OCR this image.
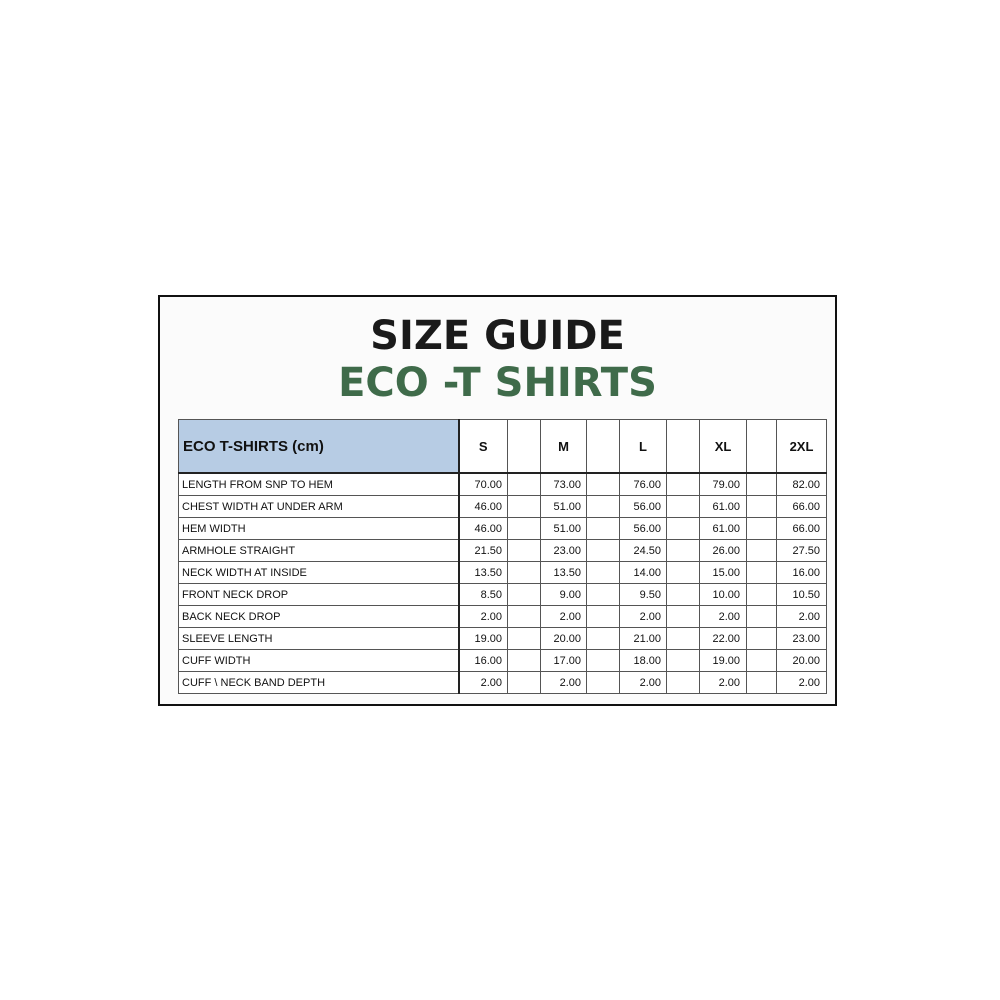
SIZE GUIDE
ECO -T SHIRTS
ECO T-SHIRTS (cm)	S		M		L		XL		2XL
LENGTH FROM SNP TO HEM	70.00		73.00		76.00		79.00		82.00
CHEST WIDTH AT UNDER ARM	46.00		51.00		56.00		61.00		66.00
HEM WIDTH	46.00		51.00		56.00		61.00		66.00
ARMHOLE STRAIGHT	21.50		23.00		24.50		26.00		27.50
NECK WIDTH AT INSIDE	13.50		13.50		14.00		15.00		16.00
FRONT NECK DROP	8.50		9.00		9.50		10.00		10.50
BACK NECK DROP	2.00		2.00		2.00		2.00		2.00
SLEEVE LENGTH	19.00		20.00		21.00		22.00		23.00
CUFF WIDTH	16.00		17.00		18.00		19.00		20.00
CUFF \ NECK BAND DEPTH	2.00		2.00		2.00		2.00		2.00
